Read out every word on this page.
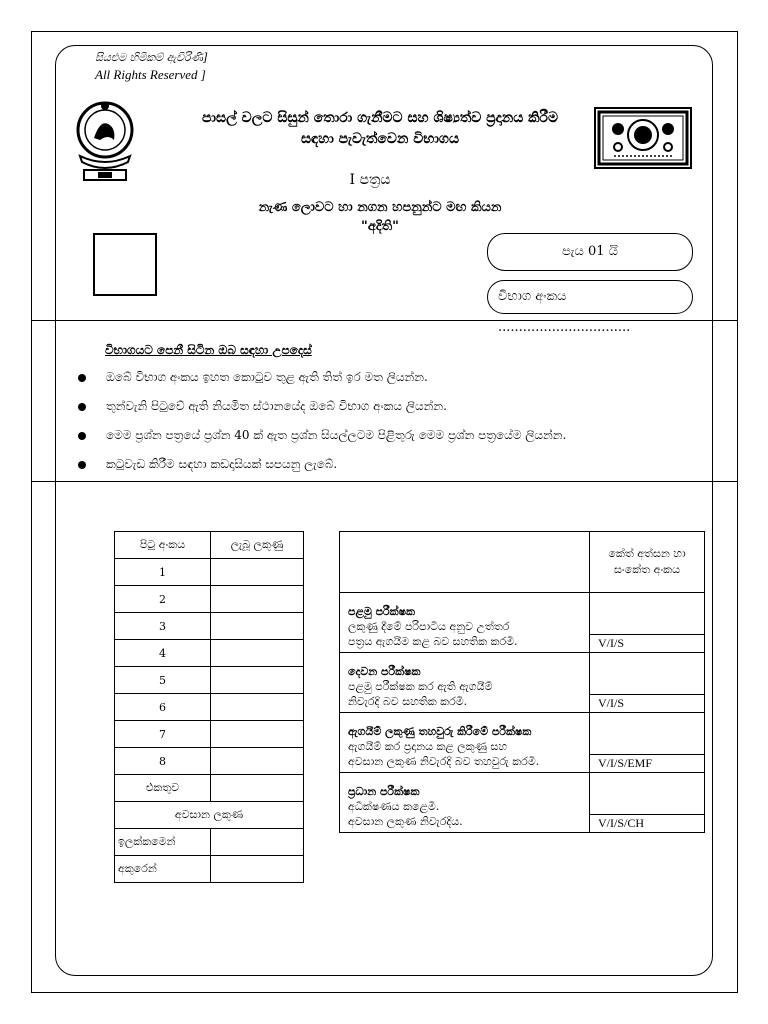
සියළුම හිමිකම් ඇවිරිණි]
All Rights Reserved ]
පාසල් වලට සිසුන් තොරා ගැනීමට සහ ශිෂ්‍යත්ව ප්‍රදානය කිරීම
සඳහා පැවැත්වෙන විභාගය
I පත්‍රය
නැණ ලොවට හා නගන හපනුන්ට මඟ කියන
"අදිති"
පැය 01 යි
විභාග අංකය ................................
විභාගයට පෙනී සිටින ඔබ සඳහා උපදෙස්
ඔබේ විභාග අංකය ඉහත කොටුව තුළ ඇති තිත් ඉර මත ලියන්න.
තුන්වැනි පිටුවේ ඇති නියමිත ස්ථානයේද ඔබේ විභාග අංකය ලියන්න.
මෙම ප්‍රශ්න පත්‍රයේ ප්‍රශ්න 40 ක් ඇත ප්‍රශ්න සියල්ලටම පිළිතුරු මෙම ප්‍රශ්න පත්‍රයේම ලියන්න.
කටුවැඩ කිරීම සඳහා කඩදාසියක් සපයනු ලැබේ.
පිටු අංකය	ලැබූ ලකුණු
1	
2	
3	
4	
5	
6	
7	
8	
එකතුව	
අවසාන ලකුණ	
ඉලක්කමෙන්	
අකුරෙන්	
	කේත් අත්සන හා සංකේත අංකය

පළමු පරීක්ෂක
ලකුණු දීමේ පරිපාටිය අනුව උත්තර
පත්‍රය ඇගයීම කළ බව සහතික කරමි.	

	V/I/S

දෙවන පරීක්ෂක
පළමු පරීක්ෂක කර ඇති ඇගයීම්
නිවැරදි බව සහතික කරමි.	

	V/I/S

ඇගයීම් ලකුණු තහවුරු කිරීමේ පරීක්ෂක
ඇගයීම් කර ප්‍රදානය කළ ලකුණු සහ
අවසාන ලකුණ නිවැරදි බව තහවුරු කරමි.	

	V/I/S/EMF

ප්‍රධාන පරීක්ෂක
අධීක්ෂණය කළෙමි.
අවසාන ලකුණ නිවැරදිය.	

	V/I/S/CH
